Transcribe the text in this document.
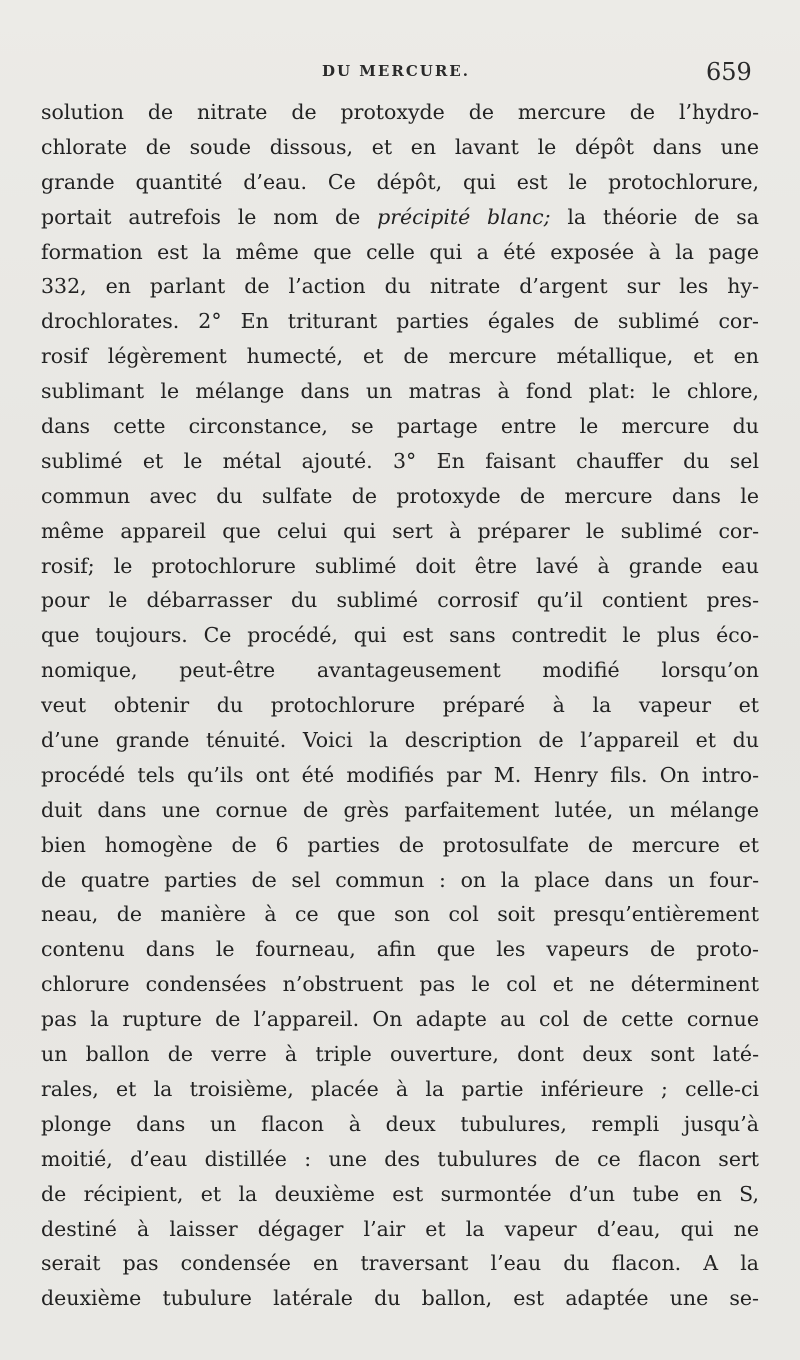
DU MERCURE.	659
solution de nitrate de protoxyde de mercure de l’hydro-
chlorate de soude dissous, et en lavant le dépôt dans une
grande quantité d’eau. Ce dépôt, qui est le protochlorure,
portait autrefois le nom de précipité blanc; la théorie de sa
formation est la même que celle qui a été exposée à la page
332, en parlant de l’action du nitrate d’argent sur les hy-
drochlorates. 2° En triturant parties égales de sublimé cor-
rosif légèrement humecté, et de mercure métallique, et en
sublimant le mélange dans un matras à fond plat: le chlore,
dans cette circonstance, se partage entre le mercure du
sublimé et le métal ajouté. 3° En faisant chauffer du sel
commun avec du sulfate de protoxyde de mercure dans le
même appareil que celui qui sert à préparer le sublimé cor-
rosif; le protochlorure sublimé doit être lavé à grande eau
pour le débarrasser du sublimé corrosif qu’il contient pres-
que toujours. Ce procédé, qui est sans contredit le plus éco-
nomique, peut-être avantageusement modifié lorsqu’on
veut obtenir du protochlorure préparé à la vapeur et
d’une grande ténuité. Voici la description de l’appareil et du
procédé tels qu’ils ont été modifiés par M. Henry fils. On intro-
duit dans une cornue de grès parfaitement lutée, un mélange
bien homogène de 6 parties de protosulfate de mercure et
de quatre parties de sel commun : on la place dans un four-
neau, de manière à ce que son col soit presqu’entièrement
contenu dans le fourneau, afin que les vapeurs de proto-
chlorure condensées n’obstruent pas le col et ne déterminent
pas la rupture de l’appareil. On adapte au col de cette cornue
un ballon de verre à triple ouverture, dont deux sont laté-
rales, et la troisième, placée à la partie inférieure ; celle-ci
plonge dans un flacon à deux tubulures, rempli jusqu’à
moitié, d’eau distillée : une des tubulures de ce flacon sert
de récipient, et la deuxième est surmontée d’un tube en S,
destiné à laisser dégager l’air et la vapeur d’eau, qui ne
serait pas condensée en traversant l’eau du flacon. A la
deuxième tubulure latérale du ballon, est adaptée une se-
